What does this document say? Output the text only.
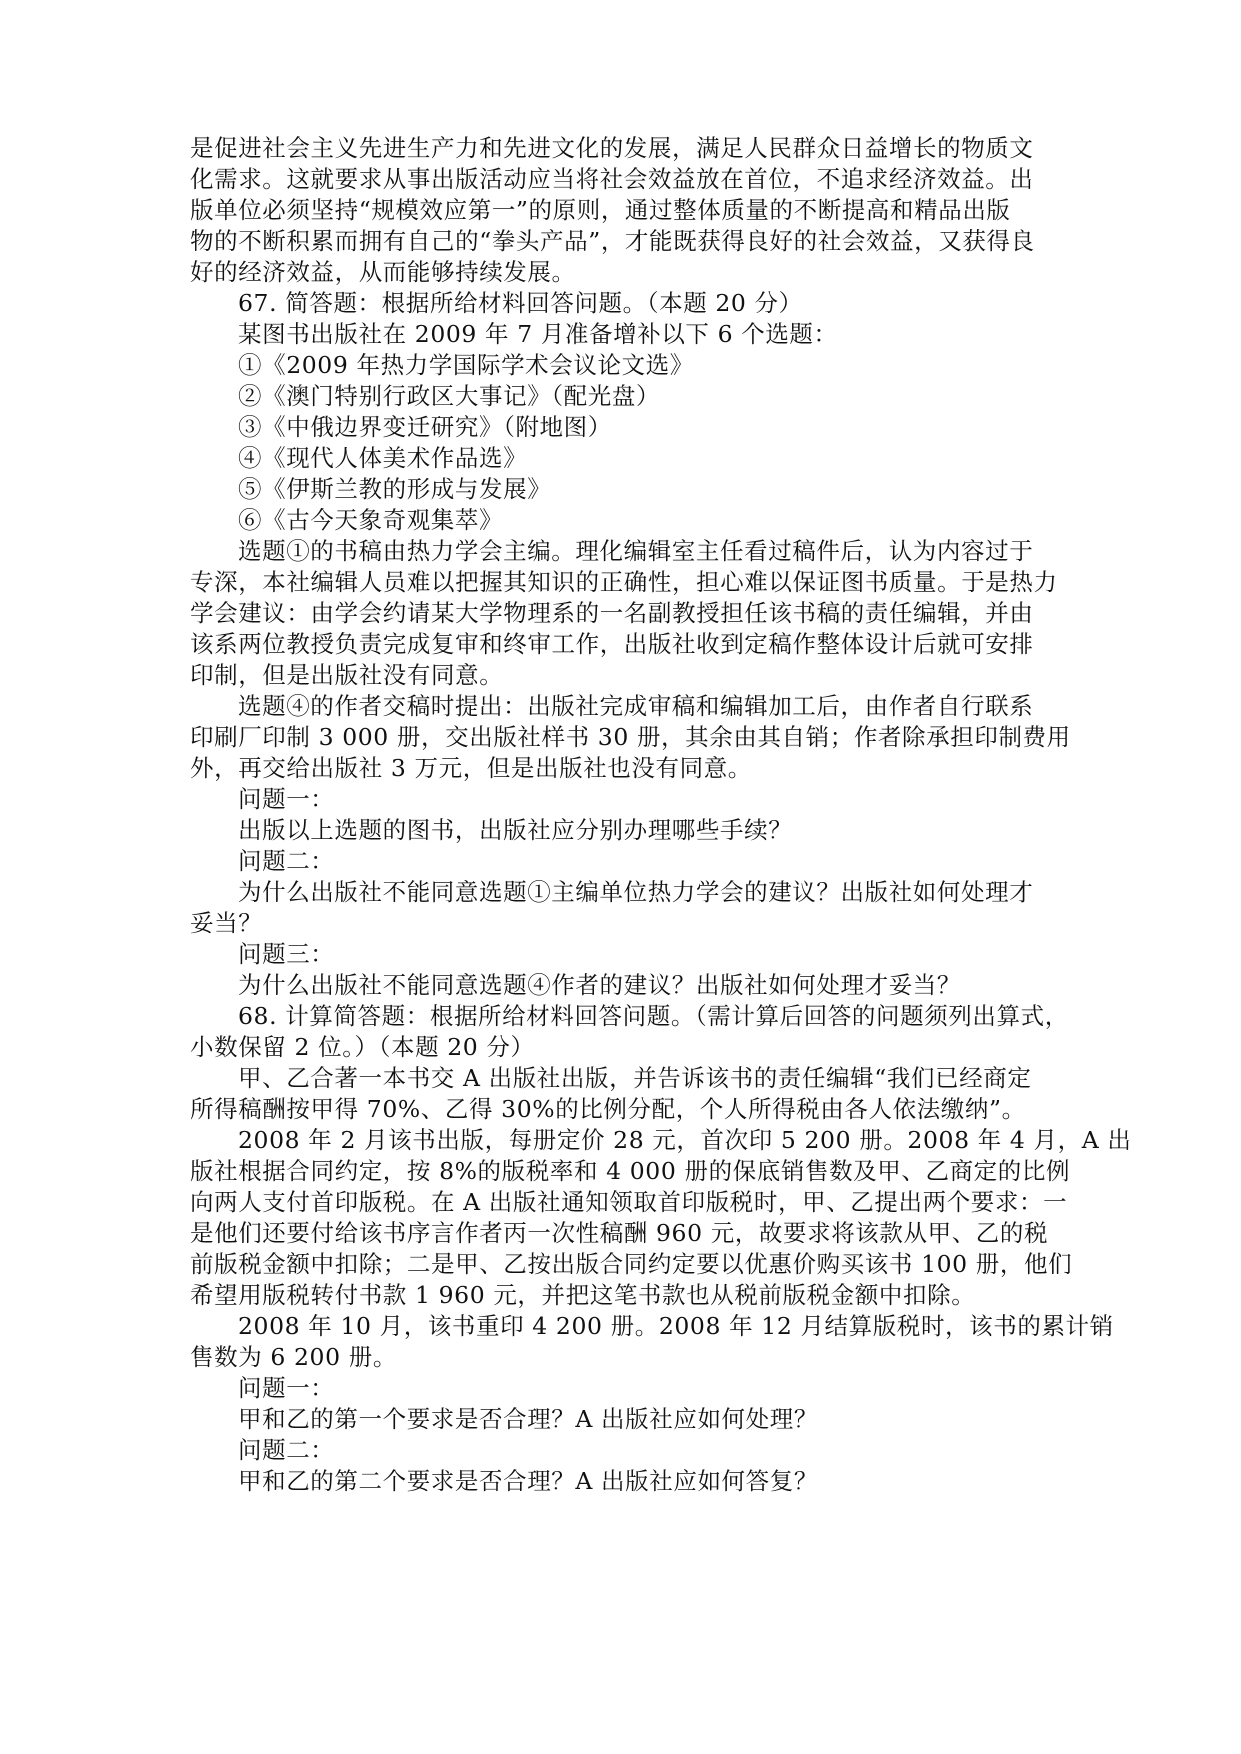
是促进社会主义先进生产力和先进文化的发展，满足人民群众日益增长的物质文

化需求。这就要求从事出版活动应当将社会效益放在首位，不追求经济效益。出

版单位必须坚持“规模效应第一”的原则，通过整体质量的不断提高和精品出版

物的不断积累而拥有自己的“拳头产品”，才能既获得良好的社会效益，又获得良

好的经济效益，从而能够持续发展。

67. 简答题：根据所给材料回答问题。（本题 20 分）

某图书出版社在 2009 年 7 月准备增补以下 6 个选题：

①《2009 年热力学国际学术会议论文选》

②《澳门特别行政区大事记》（配光盘）

③《中俄边界变迁研究》（附地图）

④《现代人体美术作品选》

⑤《伊斯兰教的形成与发展》

⑥《古今天象奇观集萃》

选题①的书稿由热力学会主编。理化编辑室主任看过稿件后，认为内容过于

专深，本社编辑人员难以把握其知识的正确性，担心难以保证图书质量。于是热力

学会建议：由学会约请某大学物理系的一名副教授担任该书稿的责任编辑，并由

该系两位教授负责完成复审和终审工作，出版社收到定稿作整体设计后就可安排

印制，但是出版社没有同意。

选题④的作者交稿时提出：出版社完成审稿和编辑加工后，由作者自行联系

印刷厂印制 3 000 册，交出版社样书 30 册，其余由其自销；作者除承担印制费用

外，再交给出版社 3 万元，但是出版社也没有同意。

问题一：

出版以上选题的图书，出版社应分别办理哪些手续？

问题二：

为什么出版社不能同意选题①主编单位热力学会的建议？出版社如何处理才

妥当？

问题三：

为什么出版社不能同意选题④作者的建议？出版社如何处理才妥当？

68. 计算简答题：根据所给材料回答问题。（需计算后回答的问题须列出算式，

小数保留 2 位。）（本题 20 分）

甲、乙合著一本书交 A 出版社出版，并告诉该书的责任编辑“我们已经商定

所得稿酬按甲得 70%、乙得 30%的比例分配，个人所得税由各人依法缴纳”。

2008 年 2 月该书出版，每册定价 28 元，首次印 5 200 册。2008 年 4 月，A 出

版社根据合同约定，按 8%的版税率和 4 000 册的保底销售数及甲、乙商定的比例

向两人支付首印版税。在 A 出版社通知领取首印版税时，甲、乙提出两个要求：一

是他们还要付给该书序言作者丙一次性稿酬 960 元，故要求将该款从甲、乙的税

前版税金额中扣除；二是甲、乙按出版合同约定要以优惠价购买该书 100 册，他们

希望用版税转付书款 1 960 元，并把这笔书款也从税前版税金额中扣除。

2008 年 10 月，该书重印 4 200 册。2008 年 12 月结算版税时，该书的累计销

售数为 6 200 册。

问题一：

甲和乙的第一个要求是否合理？A 出版社应如何处理？

问题二：

甲和乙的第二个要求是否合理？A 出版社应如何答复？
